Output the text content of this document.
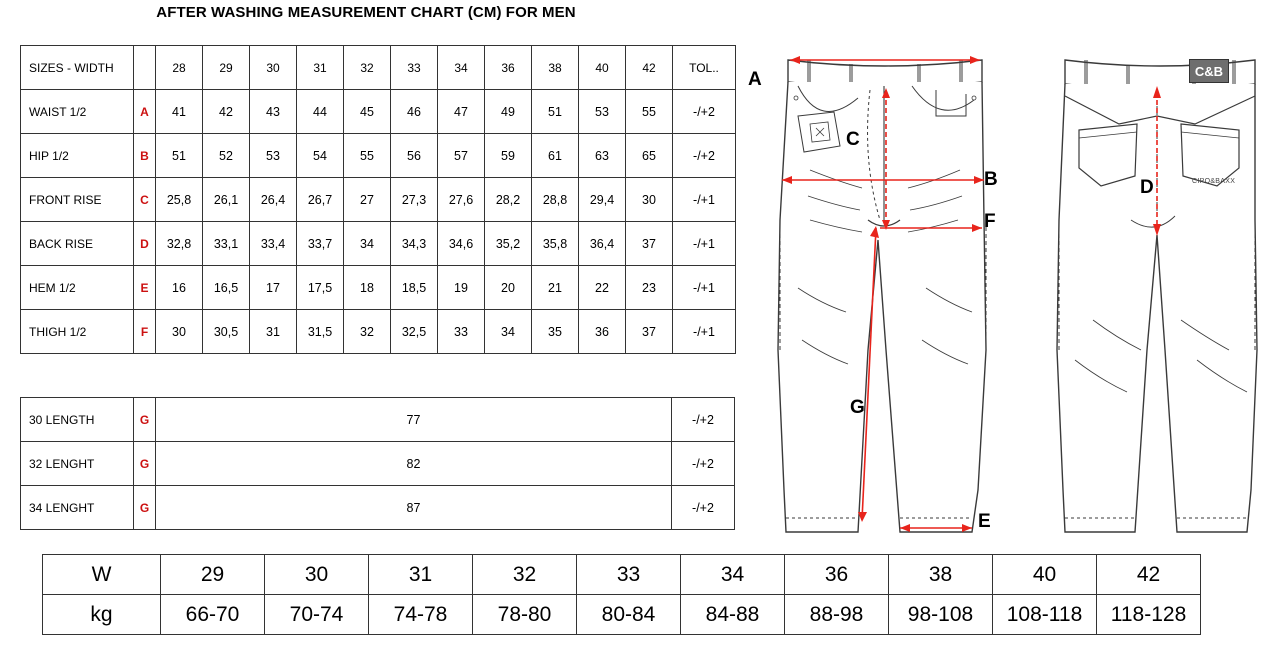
AFTER WASHING MEASUREMENT CHART (CM) FOR MEN
SIZES - WIDTH		28	29	30	31	32	33	34	36	38	40	42	TOL..
WAIST 1/2	A	41	42	43	44	45	46	47	49	51	53	55	-/+2
HIP 1/2	B	51	52	53	54	55	56	57	59	61	63	65	-/+2
FRONT RISE	C	25,8	26,1	26,4	26,7	27	27,3	27,6	28,2	28,8	29,4	30	-/+1
BACK RISE	D	32,8	33,1	33,4	33,7	34	34,3	34,6	35,2	35,8	36,4	37	-/+1
HEM 1/2	E	16	16,5	17	17,5	18	18,5	19	20	21	22	23	-/+1
THIGH 1/2	F	30	30,5	31	31,5	32	32,5	33	34	35	36	37	-/+1
30 LENGTH	G	77	-/+2
32 LENGHT	G	82	-/+2
34 LENGHT	G	87	-/+2
W	29	30	31	32	33	34	36	38	40	42
kg	66-70	70-74	74-78	78-80	80-84	84-88	88-98	98-108	108-118	118-128
A
B
C
F
G
E
D
C&B
CIPO&BAXX
